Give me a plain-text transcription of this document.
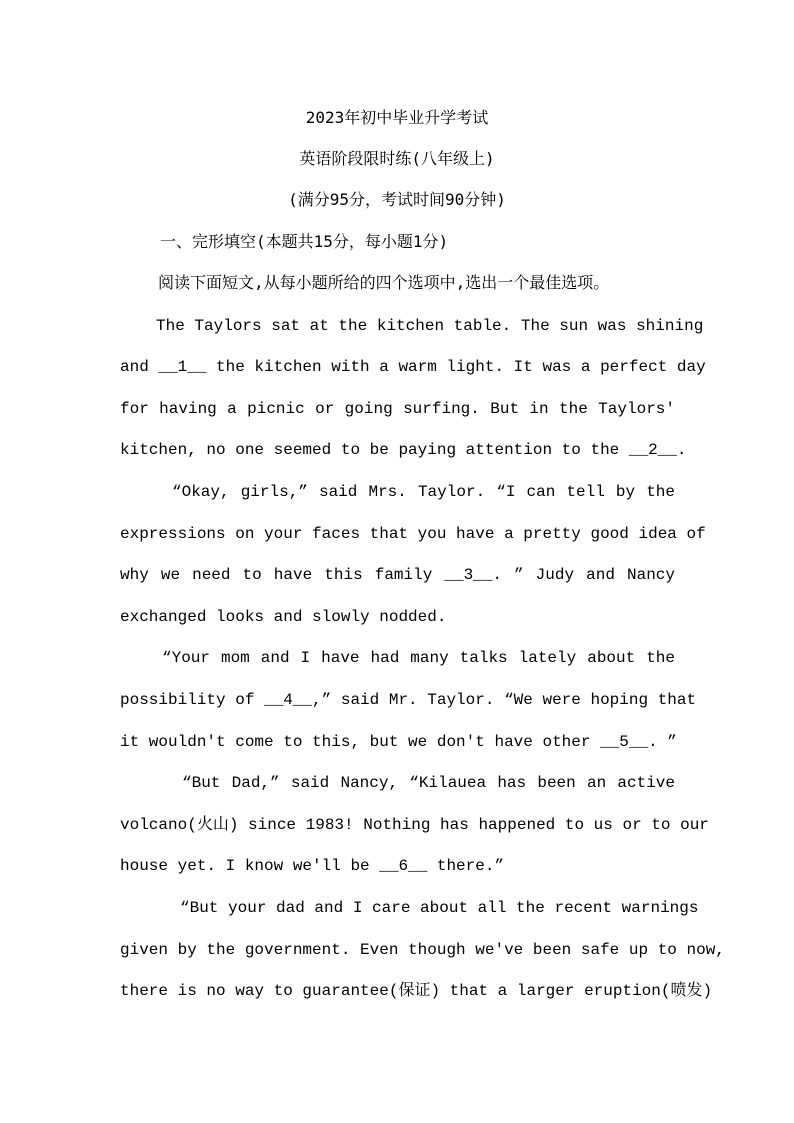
2023年初中毕业升学考试
英语阶段限时练(八年级上)
(满分95分，考试时间90分钟)
一、完形填空(本题共15分，每小题1分)
阅读下面短文,从每小题所给的四个选项中,选出一个最佳选项。
The Taylors sat at the kitchen table. The sun was shining
and __1__ the kitchen with a warm light. It was a perfect day
for having a picnic or going surfing. But in the Taylors'
kitchen, no one seemed to be paying attention to the __2__.
“Okay, girls,” said Mrs. Taylor. “I can tell by the
expressions on your faces that you have a pretty good idea of
why we need to have this family __3__. ” Judy and Nancy
exchanged looks and slowly nodded.
“Your mom and I have had many talks lately about the
possibility of __4__,” said Mr. Taylor. “We were hoping that
it wouldn't come to this, but we don't have other __5__. ”
“But Dad,” said Nancy, “Kilauea has been an active
volcano(火山) since 1983! Nothing has happened to us or to our
house yet. I know we'll be __6__ there.”
“But your dad and I care about all the recent warnings
given by the government. Even though we've been safe up to now,
there is no way to guarantee(保证) that a larger eruption(喷发)
